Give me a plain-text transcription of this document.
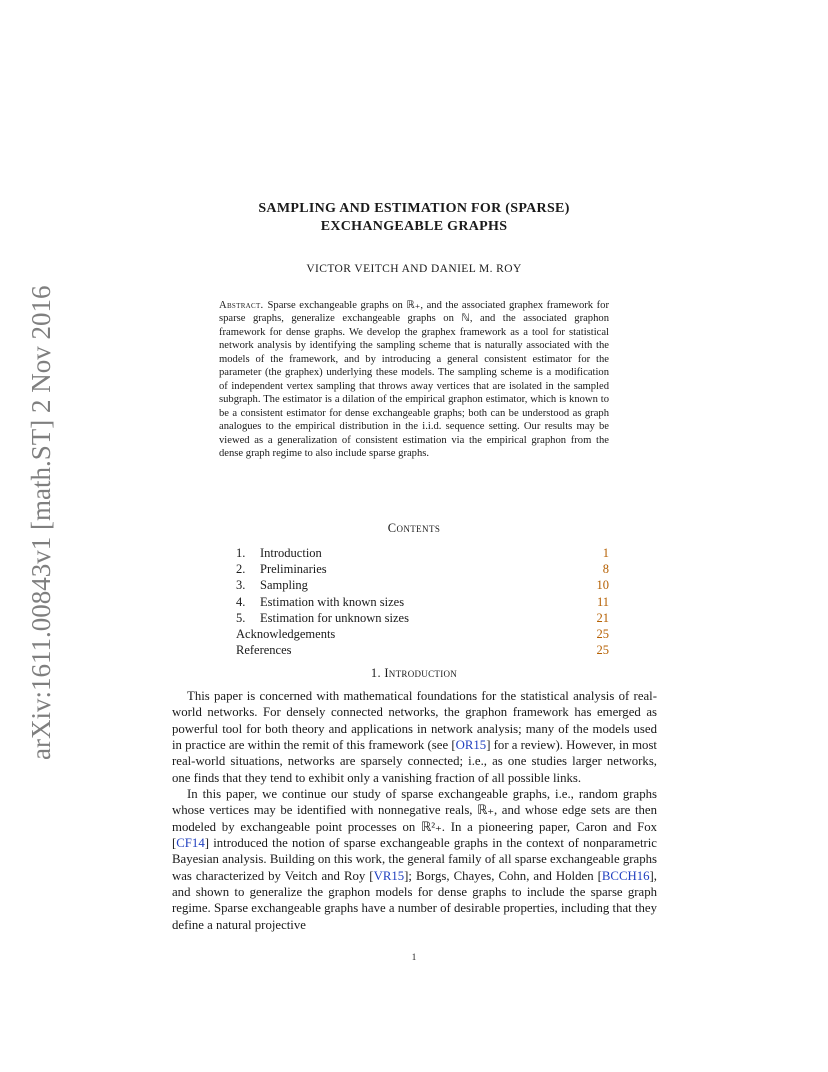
arXiv:1611.00843v1 [math.ST] 2 Nov 2016
SAMPLING AND ESTIMATION FOR (SPARSE)
EXCHANGEABLE GRAPHS
VICTOR VEITCH AND DANIEL M. ROY
Abstract. Sparse exchangeable graphs on ℝ₊, and the associated graphex framework for sparse graphs, generalize exchangeable graphs on ℕ, and the associated graphon framework for dense graphs. We develop the graphex framework as a tool for statistical network analysis by identifying the sampling scheme that is naturally associated with the models of the framework, and by introducing a general consistent estimator for the parameter (the graphex) underlying these models. The sampling scheme is a modification of independent vertex sampling that throws away vertices that are isolated in the sampled subgraph. The estimator is a dilation of the empirical graphon estimator, which is known to be a consistent estimator for dense exchangeable graphs; both can be understood as graph analogues to the empirical distribution in the i.i.d. sequence setting. Our results may be viewed as a generalization of consistent estimation via the empirical graphon from the dense graph regime to also include sparse graphs.
Contents
1. Introduction	1
2. Preliminaries	8
3. Sampling	10
4. Estimation with known sizes	11
5. Estimation for unknown sizes	21
Acknowledgements	25
References	25
1. Introduction

This paper is concerned with mathematical foundations for the statistical analysis of real-world networks. For densely connected networks, the graphon framework has emerged as powerful tool for both theory and applications in network analysis; many of the models used in practice are within the remit of this framework (see [OR15] for a review). However, in most real-world situations, networks are sparsely connected; i.e., as one studies larger networks, one finds that they tend to exhibit only a vanishing fraction of all possible links.

In this paper, we continue our study of sparse exchangeable graphs, i.e., random graphs whose vertices may be identified with nonnegative reals, ℝ₊, and whose edge sets are then modeled by exchangeable point processes on ℝ²₊. In a pioneering paper, Caron and Fox [CF14] introduced the notion of sparse exchangeable graphs in the context of nonparametric Bayesian analysis. Building on this work, the general family of all sparse exchangeable graphs was characterized by Veitch and Roy [VR15]; Borgs, Chayes, Cohn, and Holden [BCCH16], and shown to generalize the graphon models for dense graphs to include the sparse graph regime. Sparse exchangeable graphs have a number of desirable properties, including that they define a natural projective

1
